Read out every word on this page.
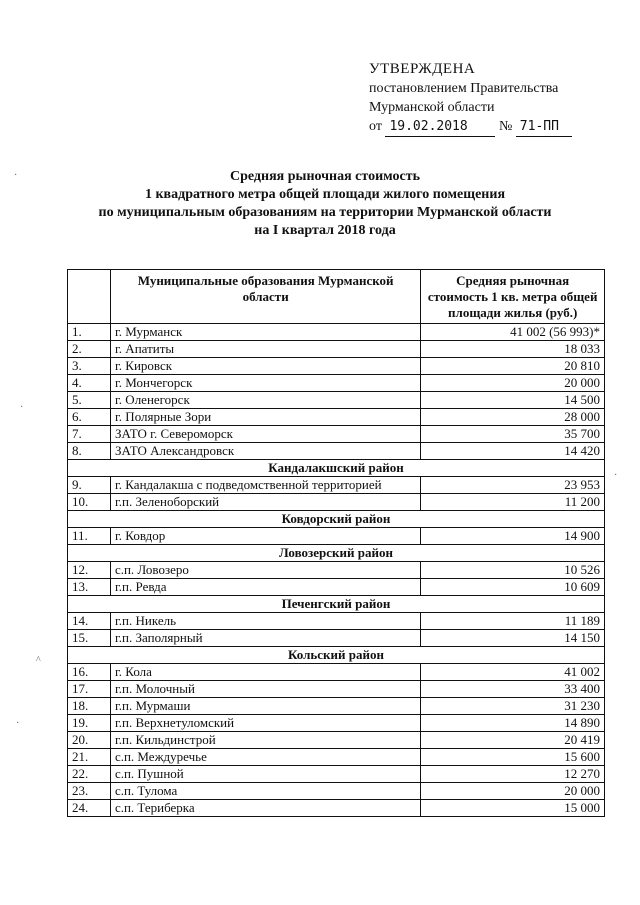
УТВЕРЖДЕНА
постановлением Правительства
Мурманской области
от 19.02.2018 № 71-ПП
Средняя рыночная стоимость
1 квадратного метра общей площади жилого помещения
по муниципальным образованиям на территории Мурманской области
на I квартал 2018 года
	Муниципальные образования Мурманской области	Средняя рыночная стоимость 1 кв. метра общей площади жилья (руб.)
1.	г. Мурманск	41 002 (56 993)*
2.	г. Апатиты	18 033
3.	г. Кировск	20 810
4.	г. Мончегорск	20 000
5.	г. Оленегорск	14 500
6.	г. Полярные Зори	28 000
7.	ЗАТО г. Североморск	35 700
8.	ЗАТО Александровск	14 420
Кандалакшский район		
9.	г. Кандалакша с подведомственной территорией	23 953
10.	г.п. Зеленоборский	11 200
Ковдорский район		
11.	г. Ковдор	14 900
Ловозерский район		
12.	с.п. Ловозеро	10 526
13.	г.п. Ревда	10 609
Печенгский район		
14.	г.п. Никель	11 189
15.	г.п. Заполярный	14 150
Кольский район		
16.	г. Кола	41 002
17.	г.п. Молочный	33 400
18.	г.п. Мурмаши	31 230
19.	г.п. Верхнетуломский	14 890
20.	г.п. Кильдинстрой	20 419
21.	с.п. Междуречье	15 600
22.	с.п. Пушной	12 270
23.	с.п. Тулома	20 000
24.	с.п. Териберка	15 000
·
·
·
^
·
